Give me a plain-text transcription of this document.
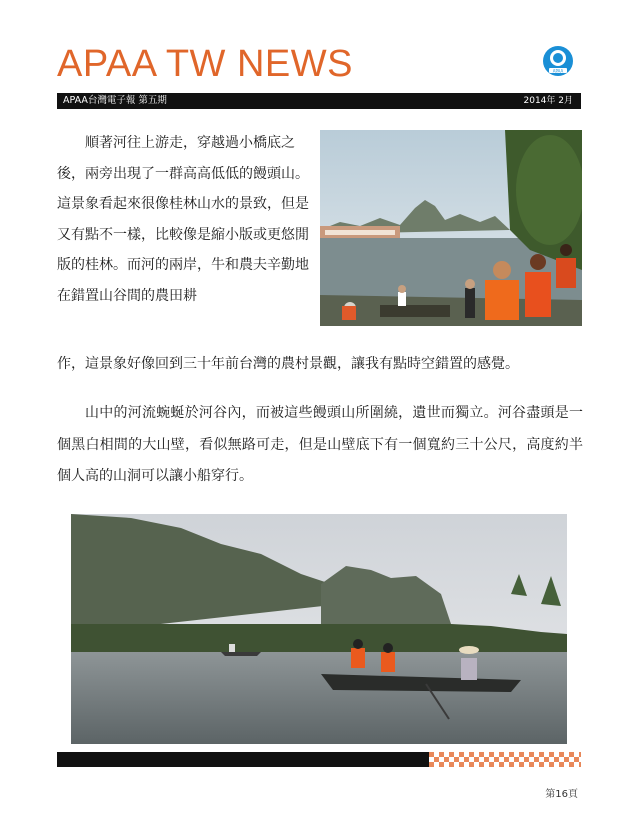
APAA TW NEWS	APAA
APAA台灣電子報 第五期	2014年 2月

順著河往上游走，穿越過小橋底之後，兩旁出現了一群高高低低的饅頭山。這景象看起來很像桂林山水的景致，但是又有點不一樣，比較像是縮小版或更悠閒版的桂林。而河的兩岸，牛和農夫辛勤地在錯置山谷間的農田耕

作，這景象好像回到三十年前台灣的農村景觀，讓我有點時空錯置的感覺。

山中的河流蜿蜒於河谷內，而被這些饅頭山所圍繞，遺世而獨立。河谷盡頭是一個黑白相間的大山壁，看似無路可走，但是山壁底下有一個寬約三十公尺，高度約半個人高的山洞可以讓小船穿行。

第16頁
